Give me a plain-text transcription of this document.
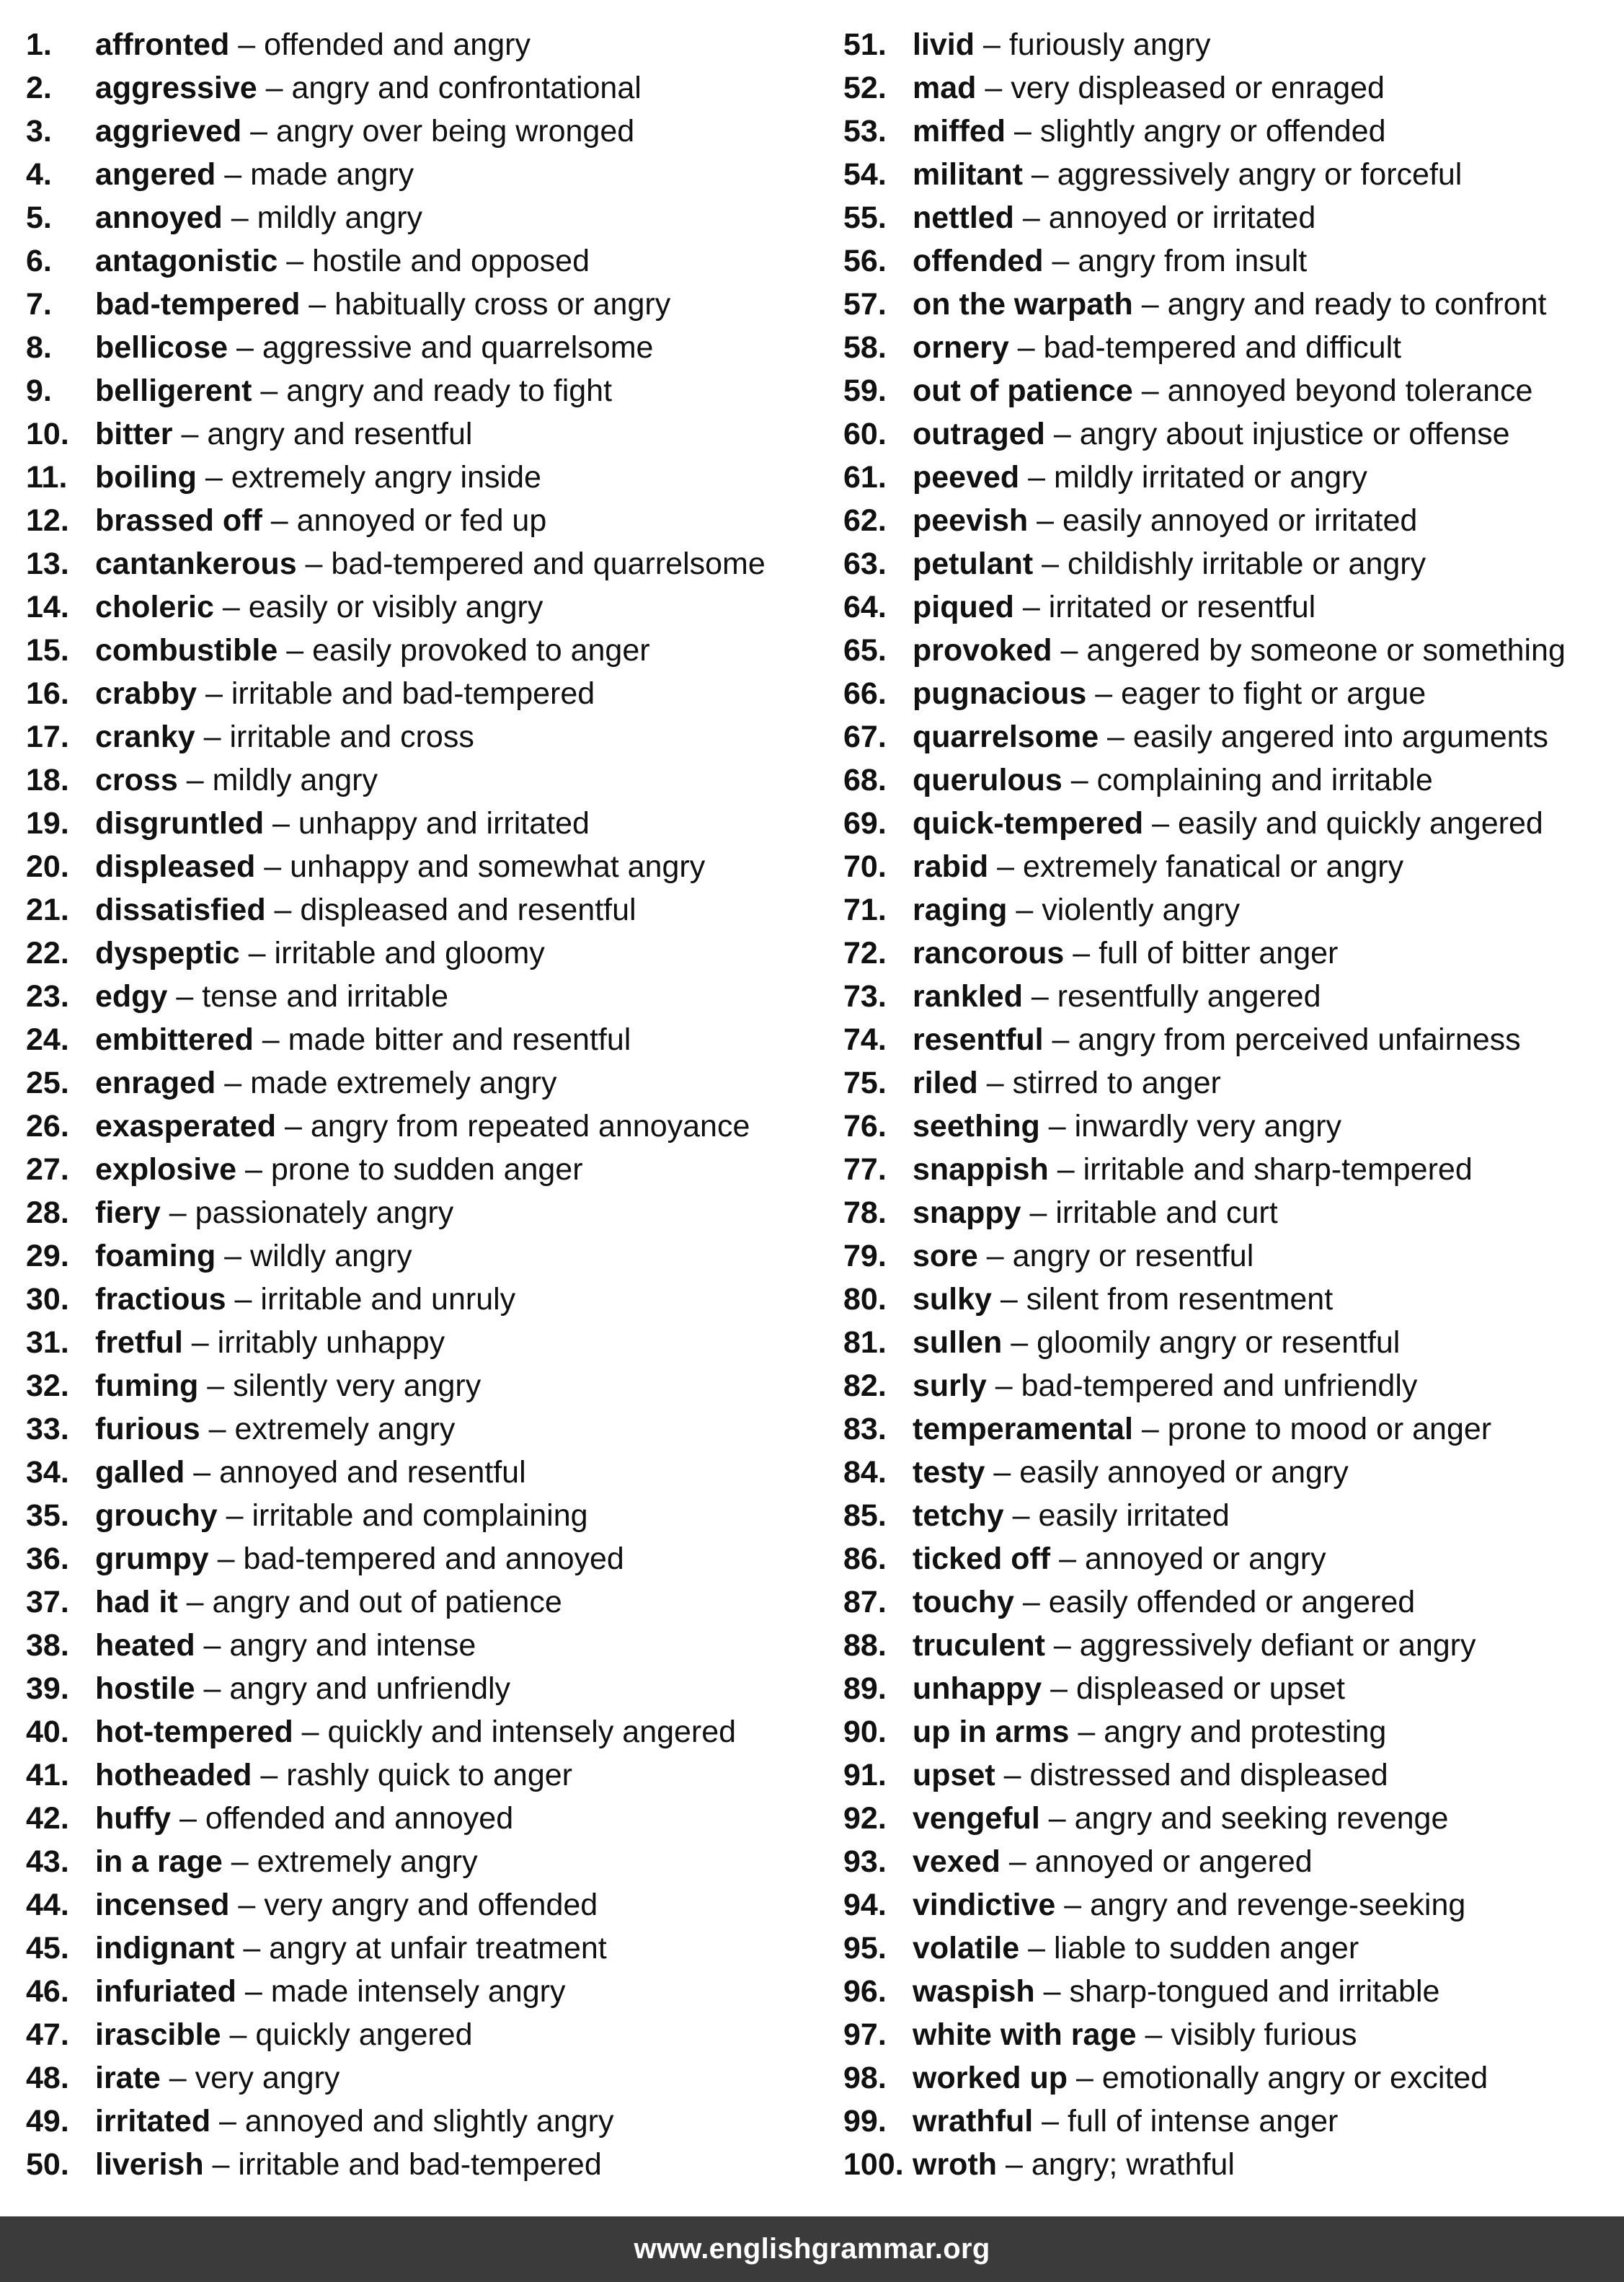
1.	affronted – offended and angry
2.	aggressive – angry and confrontational
3.	aggrieved – angry over being wronged
4.	angered – made angry
5.	annoyed – mildly angry
6.	antagonistic – hostile and opposed
7.	bad-tempered – habitually cross or angry
8.	bellicose – aggressive and quarrelsome
9.	belligerent – angry and ready to fight
10. bitter – angry and resentful
11. boiling – extremely angry inside
12. brassed off – annoyed or fed up
13. cantankerous – bad-tempered and quarrelsome
14. choleric – easily or visibly angry
15. combustible – easily provoked to anger
16. crabby – irritable and bad-tempered
17. cranky – irritable and cross
18. cross – mildly angry
19. disgruntled – unhappy and irritated
20. displeased – unhappy and somewhat angry
21. dissatisfied – displeased and resentful
22. dyspeptic – irritable and gloomy
23. edgy – tense and irritable
24. embittered – made bitter and resentful
25. enraged – made extremely angry
26. exasperated – angry from repeated annoyance
27. explosive – prone to sudden anger
28. fiery – passionately angry
29. foaming – wildly angry
30. fractious – irritable and unruly
31. fretful – irritably unhappy
32. fuming – silently very angry
33. furious – extremely angry
34. galled – annoyed and resentful
35. grouchy – irritable and complaining
36. grumpy – bad-tempered and annoyed
37. had it – angry and out of patience
38. heated – angry and intense
39. hostile – angry and unfriendly
40. hot-tempered – quickly and intensely angered
41. hotheaded – rashly quick to anger
42. huffy – offended and annoyed
43. in a rage – extremely angry
44. incensed – very angry and offended
45. indignant – angry at unfair treatment
46. infuriated – made intensely angry
47. irascible – quickly angered
48. irate – very angry
49. irritated – annoyed and slightly angry
50. liverish – irritable and bad-tempered
51. livid – furiously angry
52. mad – very displeased or enraged
53. miffed – slightly angry or offended
54. militant – aggressively angry or forceful
55. nettled – annoyed or irritated
56. offended – angry from insult
57. on the warpath – angry and ready to confront
58. ornery – bad-tempered and difficult
59. out of patience – annoyed beyond tolerance
60. outraged – angry about injustice or offense
61. peeved – mildly irritated or angry
62. peevish – easily annoyed or irritated
63. petulant – childishly irritable or angry
64. piqued – irritated or resentful
65. provoked – angered by someone or something
66. pugnacious – eager to fight or argue
67. quarrelsome – easily angered into arguments
68. querulous – complaining and irritable
69. quick-tempered – easily and quickly angered
70. rabid – extremely fanatical or angry
71. raging – violently angry
72. rancorous – full of bitter anger
73. rankled – resentfully angered
74. resentful – angry from perceived unfairness
75. riled – stirred to anger
76. seething – inwardly very angry
77. snappish – irritable and sharp-tempered
78. snappy – irritable and curt
79. sore – angry or resentful
80. sulky – silent from resentment
81. sullen – gloomily angry or resentful
82. surly – bad-tempered and unfriendly
83. temperamental – prone to mood or anger
84. testy – easily annoyed or angry
85. tetchy – easily irritated
86. ticked off – annoyed or angry
87. touchy – easily offended or angered
88. truculent – aggressively defiant or angry
89. unhappy – displeased or upset
90. up in arms – angry and protesting
91. upset – distressed and displeased
92. vengeful – angry and seeking revenge
93. vexed – annoyed or angered
94. vindictive – angry and revenge-seeking
95. volatile – liable to sudden anger
96. waspish – sharp-tongued and irritable
97. white with rage – visibly furious
98. worked up – emotionally angry or excited
99. wrathful – full of intense anger
100. wroth – angry; wrathful
www.englishgrammar.org
